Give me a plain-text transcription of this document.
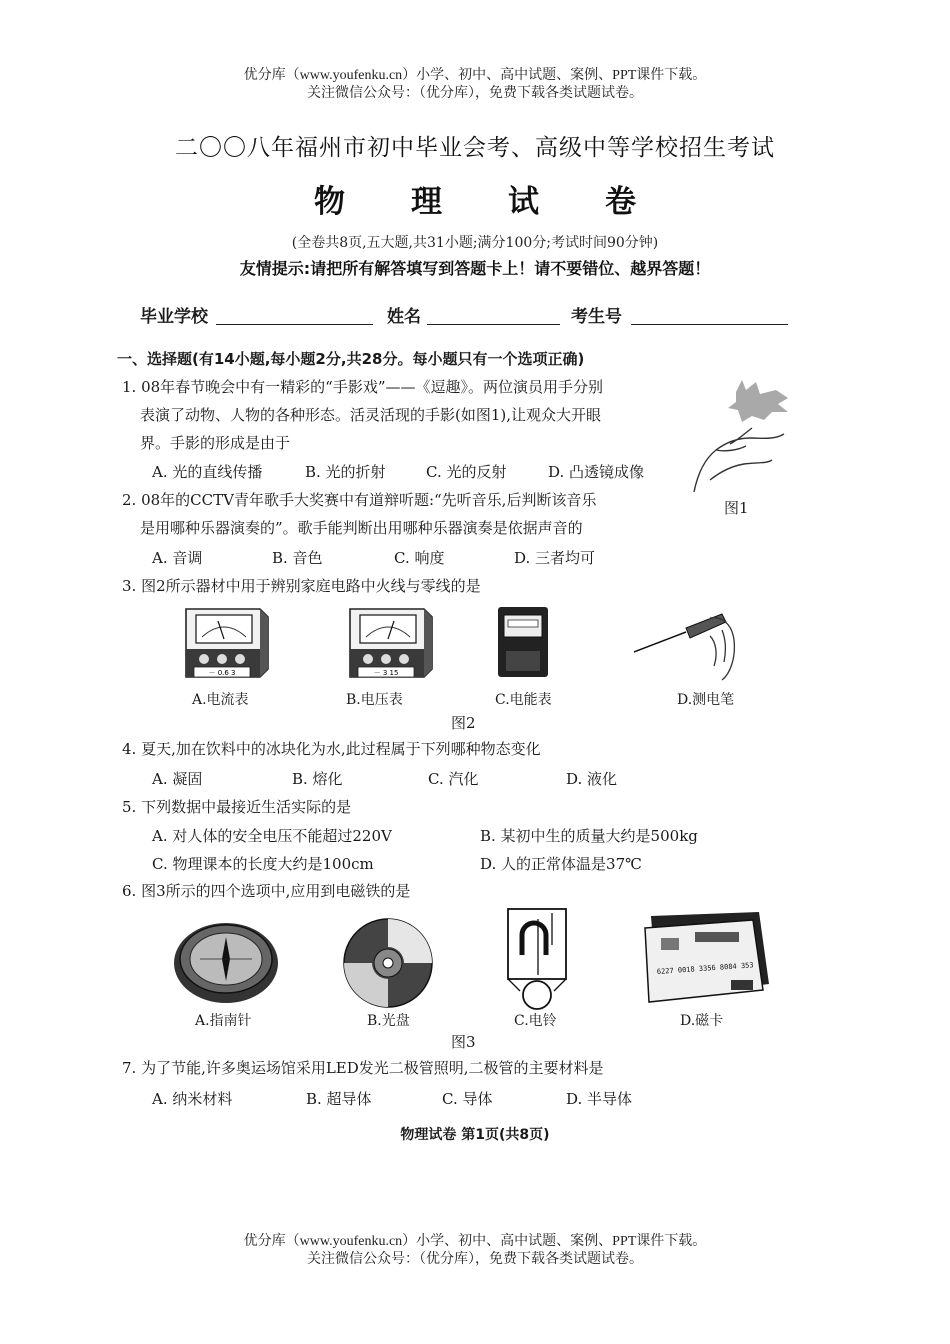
优分库（www.youfenku.cn）小学、初中、高中试题、案例、PPT课件下载。
关注微信公众号：（优分库），免费下载各类试题试卷。
二〇〇八年福州市初中毕业会考、高级中等学校招生考试
物 理 试 卷
(全卷共8页,五大题,共31小题;满分100分;考试时间90分钟)
友情提示:请把所有解答填写到答题卡上！请不要错位、越界答题！
毕业学校	姓名	考生号
一、选择题(有14小题,每小题2分,共28分。每小题只有一个选项正确)
1. 08年春节晚会中有一精彩的“手影戏”——《逗趣》。两位演员用手分别
表演了动物、人物的各种形态。活灵活现的手影(如图1),让观众大开眼
界。手影的形成是由于
A. 光的直线传播	B. 光的折射	C. 光的反射	D. 凸透镜成像
图1
2. 08年的CCTV青年歌手大奖赛中有道辩听题:“先听音乐,后判断该音乐
是用哪种乐器演奏的”。歌手能判断出用哪种乐器演奏是依据声音的
A. 音调	B. 音色	C. 响度	D. 三者均可
3. 图2所示器材中用于辨别家庭电路中火线与零线的是
－ 0.6 3	－ 3 15
A.电流表	B.电压表	C.电能表	D.测电笔
图2
4. 夏天,加在饮料中的冰块化为水,此过程属于下列哪种物态变化
A. 凝固	B. 熔化	C. 汽化	D. 液化
5. 下列数据中最接近生活实际的是
A. 对人体的安全电压不能超过220V	B. 某初中生的质量大约是500kg
C. 物理课本的长度大约是100cm	D. 人的正常体温是37℃
6. 图3所示的四个选项中,应用到电磁铁的是
6227 0018 3356 8084 353
A.指南针	B.光盘	C.电铃	D.磁卡
图3
7. 为了节能,许多奥运场馆采用LED发光二极管照明,二极管的主要材料是
A. 纳米材料	B. 超导体	C. 导体	D. 半导体
物理试卷 第1页(共8页)
优分库（www.youfenku.cn）小学、初中、高中试题、案例、PPT课件下载。
关注微信公众号：（优分库），免费下载各类试题试卷。
